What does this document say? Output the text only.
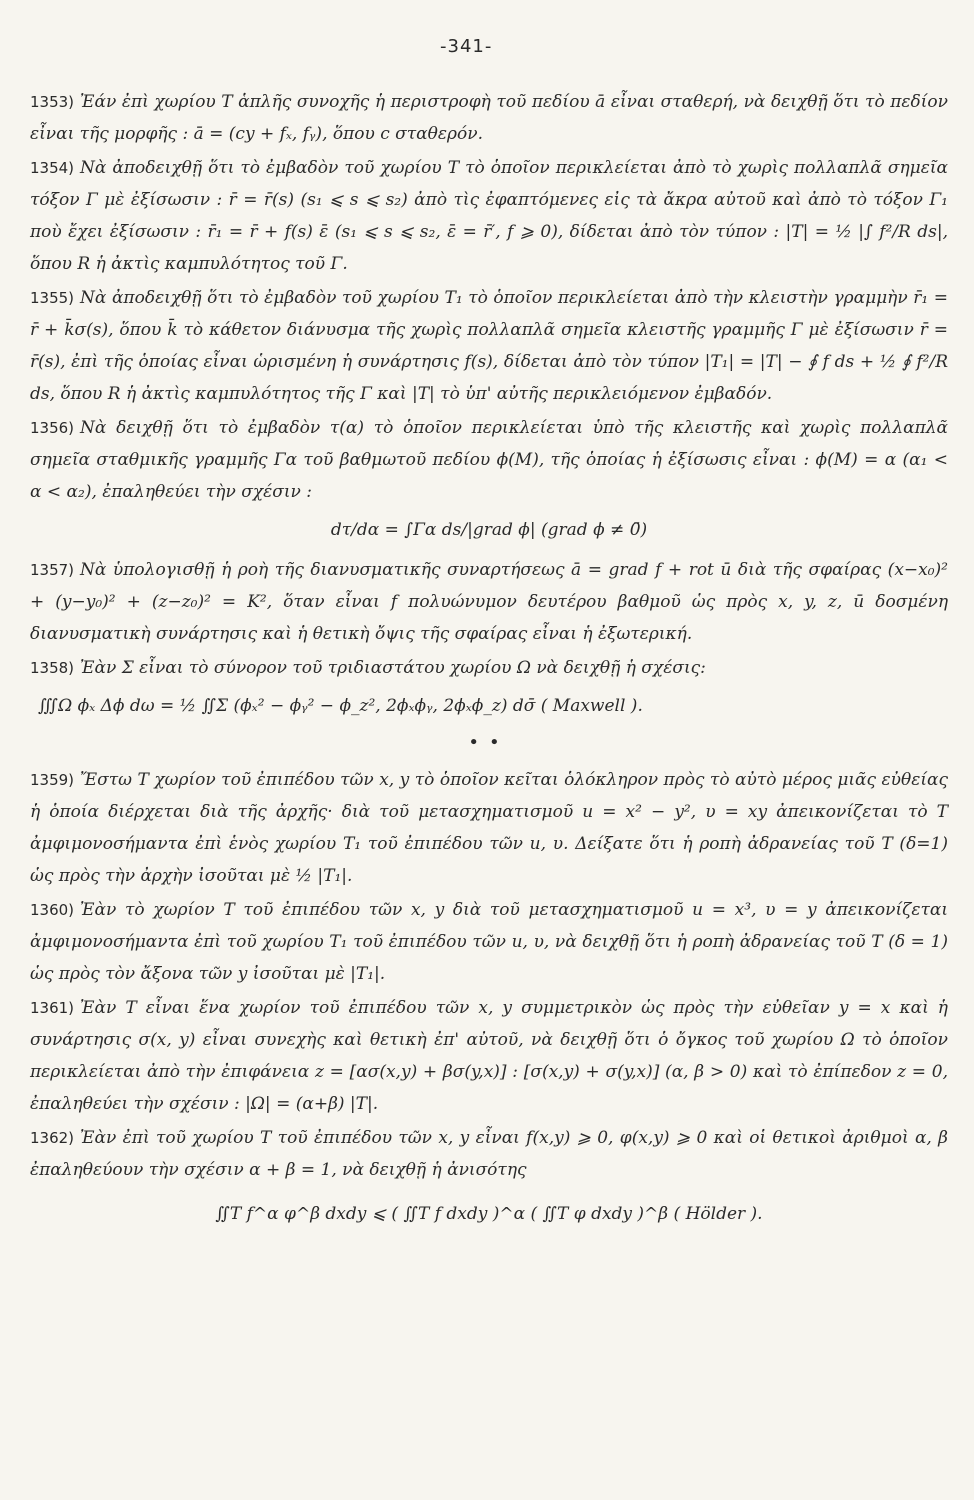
-341-

1353) Ἐάν ἐπὶ χωρίου T ἁπλῆς συνοχῆς ἡ περιστροφὴ τοῦ πεδίου ā εἶναι σταθερή, νὰ δειχθῇ ὅτι τὸ πεδίον εἶναι τῆς μορφῆς : ā = (cy + fₓ, fᵧ), ὅπου c σταθερόν.

1354) Νὰ ἀποδειχθῇ ὅτι τὸ ἐμβαδὸν τοῦ χωρίου T τὸ ὁποῖον περικλείεται ἀπὸ τὸ χωρὶς πολλαπλᾶ σημεῖα τόξον Γ μὲ ἐξίσωσιν : r̄ = r̄(s) (s₁ ⩽ s ⩽ s₂) ἀπὸ τὶς ἐφαπτόμενες εἰς τὰ ἄκρα αὐτοῦ καὶ ἀπὸ τὸ τόξον Γ₁ ποὺ ἔχει ἐξίσωσιν : r̄₁ = r̄ + f(s) ε̄ (s₁ ⩽ s ⩽ s₂, ε̄ = r̄′, f ⩾ 0), δίδεται ἀπὸ τὸν τύπον : |T| = ½ |∫ f²/R ds|, ὅπου R ἡ ἀκτὶς καμπυλότητος τοῦ Γ.

1355) Νὰ ἀποδειχθῇ ὅτι τὸ ἐμβαδὸν τοῦ χωρίου T₁ τὸ ὁποῖον περικλείεται ἀπὸ τὴν κλειστὴν γραμμὴν r̄₁ = r̄ + k̄σ(s), ὅπου k̄ τὸ κάθετον διάνυσμα τῆς χωρὶς πολλαπλᾶ σημεῖα κλειστῆς γραμμῆς Γ μὲ ἐξίσωσιν r̄ = r̄(s), ἐπὶ τῆς ὁποίας εἶναι ὡρισμένη ἡ συνάρτησις f(s), δίδεται ἀπὸ τὸν τύπον |T₁| = |T| − ∮ f ds + ½ ∮ f²/R ds, ὅπου R ἡ ἀκτὶς καμπυλότητος τῆς Γ καὶ |T| τὸ ὑπ' αὐτῆς περικλειόμενον ἐμβαδόν.

1356) Νὰ δειχθῇ ὅτι τὸ ἐμβαδὸν τ(α) τὸ ὁποῖον περικλείεται ὑπὸ τῆς κλειστῆς καὶ χωρὶς πολλαπλᾶ σημεῖα σταθμικῆς γραμμῆς Γα τοῦ βαθμωτοῦ πεδίου ϕ(M), τῆς ὁποίας ἡ ἐξίσωσις εἶναι : ϕ(M) = α (α₁ < α < α₂), ἐπαληθεύει τὴν σχέσιν :
dτ/dα = ∫Γα ds/|grad ϕ| (grad ϕ ≠ 0̄)

1357) Νὰ ὑπολογισθῇ ἡ ροὴ τῆς διανυσματικῆς συναρτήσεως ā = grad f + rot ū διὰ τῆς σφαίρας (x−x₀)² + (y−y₀)² + (z−z₀)² = K², ὅταν εἶναι f πολυώνυμον δευτέρου βαθμοῦ ὡς πρὸς x, y, z, ū δοσμένη διανυσματικὴ συνάρτησις καὶ ἡ θετικὴ ὄψις τῆς σφαίρας εἶναι ἡ ἐξωτερική.

1358) Ἐὰν Σ εἶναι τὸ σύνορον τοῦ τριδιαστάτου χωρίου Ω νὰ δειχθῇ ἡ σχέσις:
∭Ω ϕₓ Δϕ dω = ½ ∬Σ (ϕₓ² − ϕᵧ² − ϕ_z², 2ϕₓϕᵧ, 2ϕₓϕ_z) dσ̄ ( Maxwell ).
•​•

1359) Ἔστω T χωρίον τοῦ ἐπιπέδου τῶν x, y τὸ ὁποῖον κεῖται ὁλόκληρον πρὸς τὸ αὐτὸ μέρος μιᾶς εὐθείας ἡ ὁποία διέρχεται διὰ τῆς ἀρχῆς· διὰ τοῦ μετασχηματισμοῦ u = x² − y², υ = xy ἀπεικονίζεται τὸ T ἀμφιμονοσήμαντα ἐπὶ ἑνὸς χωρίου T₁ τοῦ ἐπιπέδου τῶν u, υ. Δείξατε ὅτι ἡ ροπὴ ἀδρανείας τοῦ T (δ=1) ὡς πρὸς τὴν ἀρχὴν ἰσοῦται μὲ ½ |T₁|.

1360) Ἐὰν τὸ χωρίον T τοῦ ἐπιπέδου τῶν x, y διὰ τοῦ μετασχηματισμοῦ u = x³, υ = y ἀπεικονίζεται ἀμφιμονοσήμαντα ἐπὶ τοῦ χωρίου T₁ τοῦ ἐπιπέδου τῶν u, υ, νὰ δειχθῇ ὅτι ἡ ροπὴ ἀδρανείας τοῦ T (δ = 1) ὡς πρὸς τὸν ἄξονα τῶν y ἰσοῦται μὲ |T₁|.

1361) Ἐὰν T εἶναι ἕνα χωρίον τοῦ ἐπιπέδου τῶν x, y συμμετρικὸν ὡς πρὸς τὴν εὐθεῖαν y = x καὶ ἡ συνάρτησις σ(x, y) εἶναι συνεχὴς καὶ θετικὴ ἐπ' αὐτοῦ, νὰ δειχθῇ ὅτι ὁ ὄγκος τοῦ χωρίου Ω τὸ ὁποῖον περικλείεται ἀπὸ τὴν ἐπιφάνεια z = [ασ(x,y) + βσ(y,x)] : [σ(x,y) + σ(y,x)] (α, β > 0) καὶ τὸ ἐπίπεδον z = 0, ἐπαληθεύει τὴν σχέσιν : |Ω| = (α+β) |T|.

1362) Ἐὰν ἐπὶ τοῦ χωρίου T τοῦ ἐπιπέδου τῶν x, y εἶναι f(x,y) ⩾ 0, φ(x,y) ⩾ 0 καὶ οἱ θετικοὶ ἀριθμοὶ α, β ἐπαληθεύουν τὴν σχέσιν α + β = 1, νὰ δειχθῇ ἡ ἀνισότης
∬T f^α φ^β dxdy ⩽ ( ∬T f dxdy )^α ( ∬T φ dxdy )^β ( Hölder ).
